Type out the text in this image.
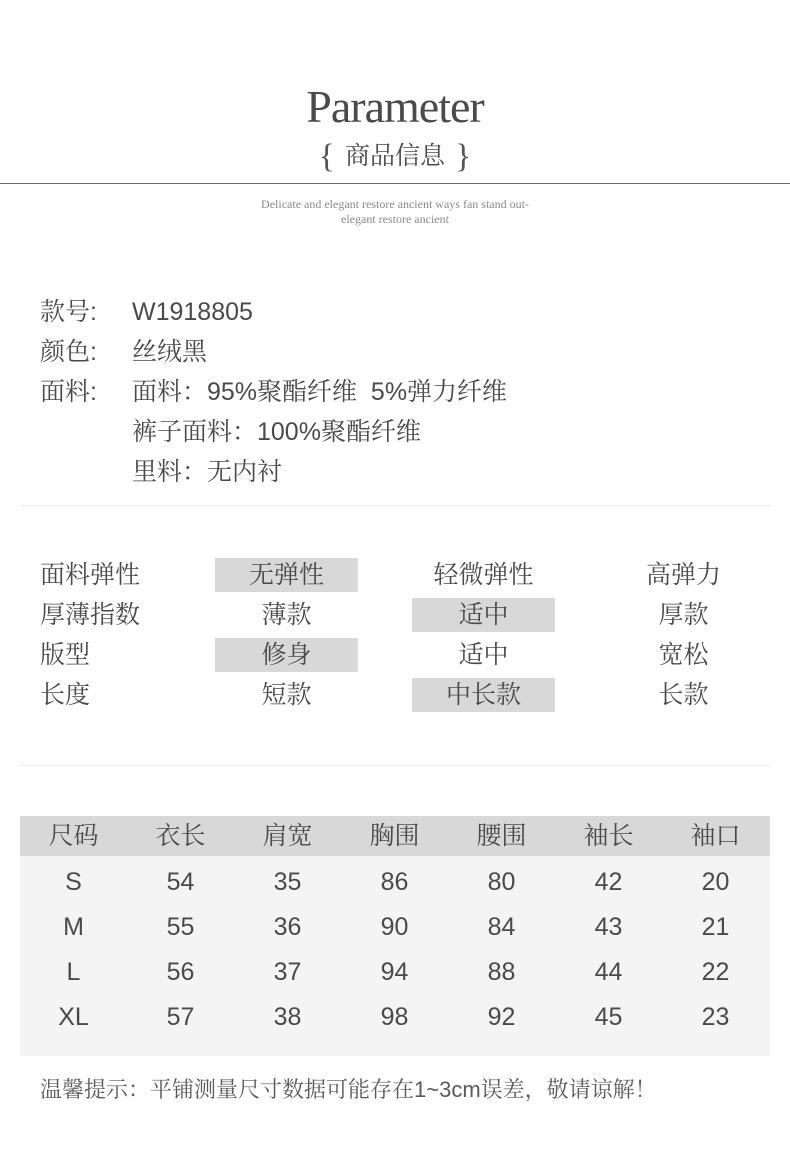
Parameter
{ 商品信息 }
Delicate and elegant restore ancient ways fan stand out-
elegant restore ancient
款号: W1918805
颜色: 丝绒黑
面料: 面料：95%聚酯纤维  5%弹力纤维
裤子面料：100%聚酯纤维
里料：无内衬
面料弹性	无弹性	轻微弹性	高弹力
厚薄指数	薄款	适中	厚款
版型	修身	适中	宽松
长度	短款	中长款	长款
尺码	衣长	肩宽	胸围	腰围	袖长	袖口
S	54	35	86	80	42	20
M	55	36	90	84	43	21
L	56	37	94	88	44	22
XL	57	38	98	92	45	23
温馨提示：平铺测量尺寸数据可能存在1~3cm误差，敬请谅解！
